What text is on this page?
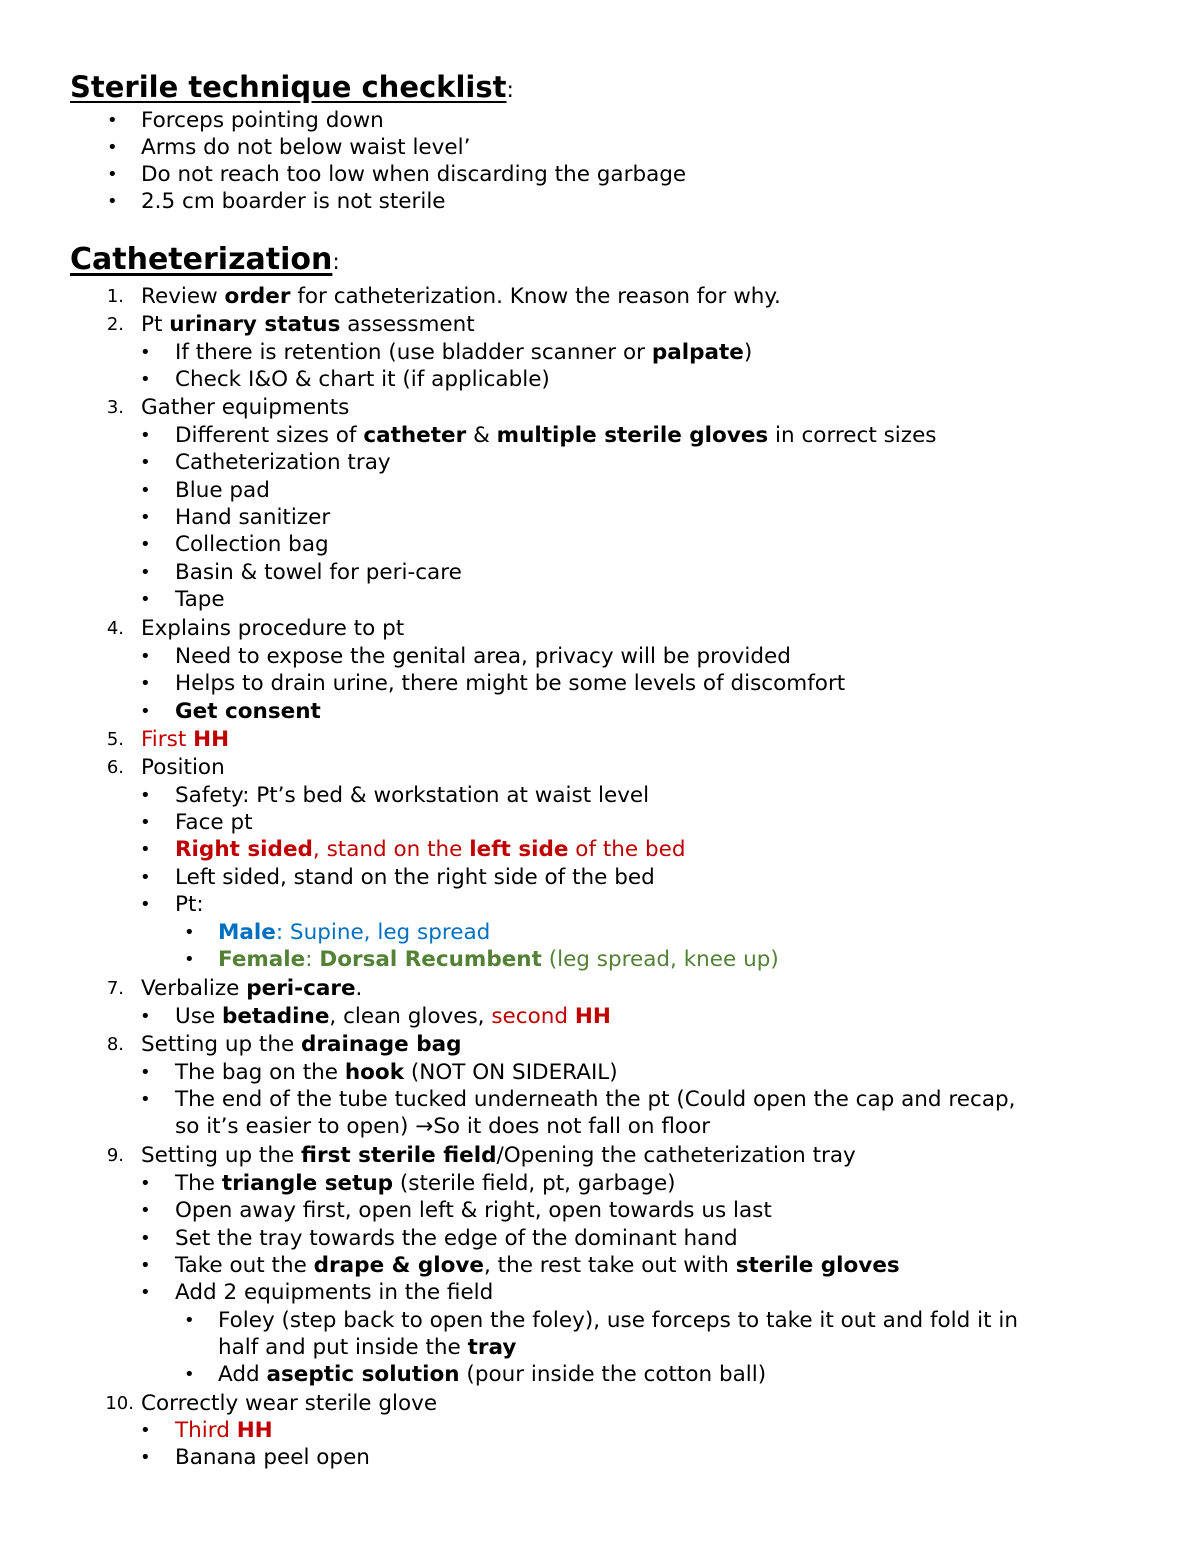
Sterile technique checklist:
• Forceps pointing down
• Arms do not below waist level’
• Do not reach too low when discarding the garbage
• 2.5 cm boarder is not sterile
Catheterization:
1. Review order for catheterization. Know the reason for why.
2. Pt urinary status assessment
• If there is retention (use bladder scanner or palpate)
• Check I&O & chart it (if applicable)
3. Gather equipments
• Different sizes of catheter & multiple sterile gloves in correct sizes
• Catheterization tray
• Blue pad
• Hand sanitizer
• Collection bag
• Basin & towel for peri-care
• Tape
4. Explains procedure to pt
• Need to expose the genital area, privacy will be provided
• Helps to drain urine, there might be some levels of discomfort
• Get consent
5. First HH
6. Position
• Safety: Pt’s bed & workstation at waist level
• Face pt
• Right sided, stand on the left side of the bed
• Left sided, stand on the right side of the bed
• Pt:
• Male: Supine, leg spread
• Female: Dorsal Recumbent (leg spread, knee up)
7. Verbalize peri-care.
• Use betadine, clean gloves, second HH
8. Setting up the drainage bag
• The bag on the hook (NOT ON SIDERAIL)
• The end of the tube tucked underneath the pt (Could open the cap and recap,
so it’s easier to open) →So it does not fall on floor
9. Setting up the first sterile field/Opening the catheterization tray
• The triangle setup (sterile field, pt, garbage)
• Open away first, open left & right, open towards us last
• Set the tray towards the edge of the dominant hand
• Take out the drape & glove, the rest take out with sterile gloves
• Add 2 equipments in the field
• Foley (step back to open the foley), use forceps to take it out and fold it in
half and put inside the tray
• Add aseptic solution (pour inside the cotton ball)
10. Correctly wear sterile glove
• Third HH
• Banana peel open
